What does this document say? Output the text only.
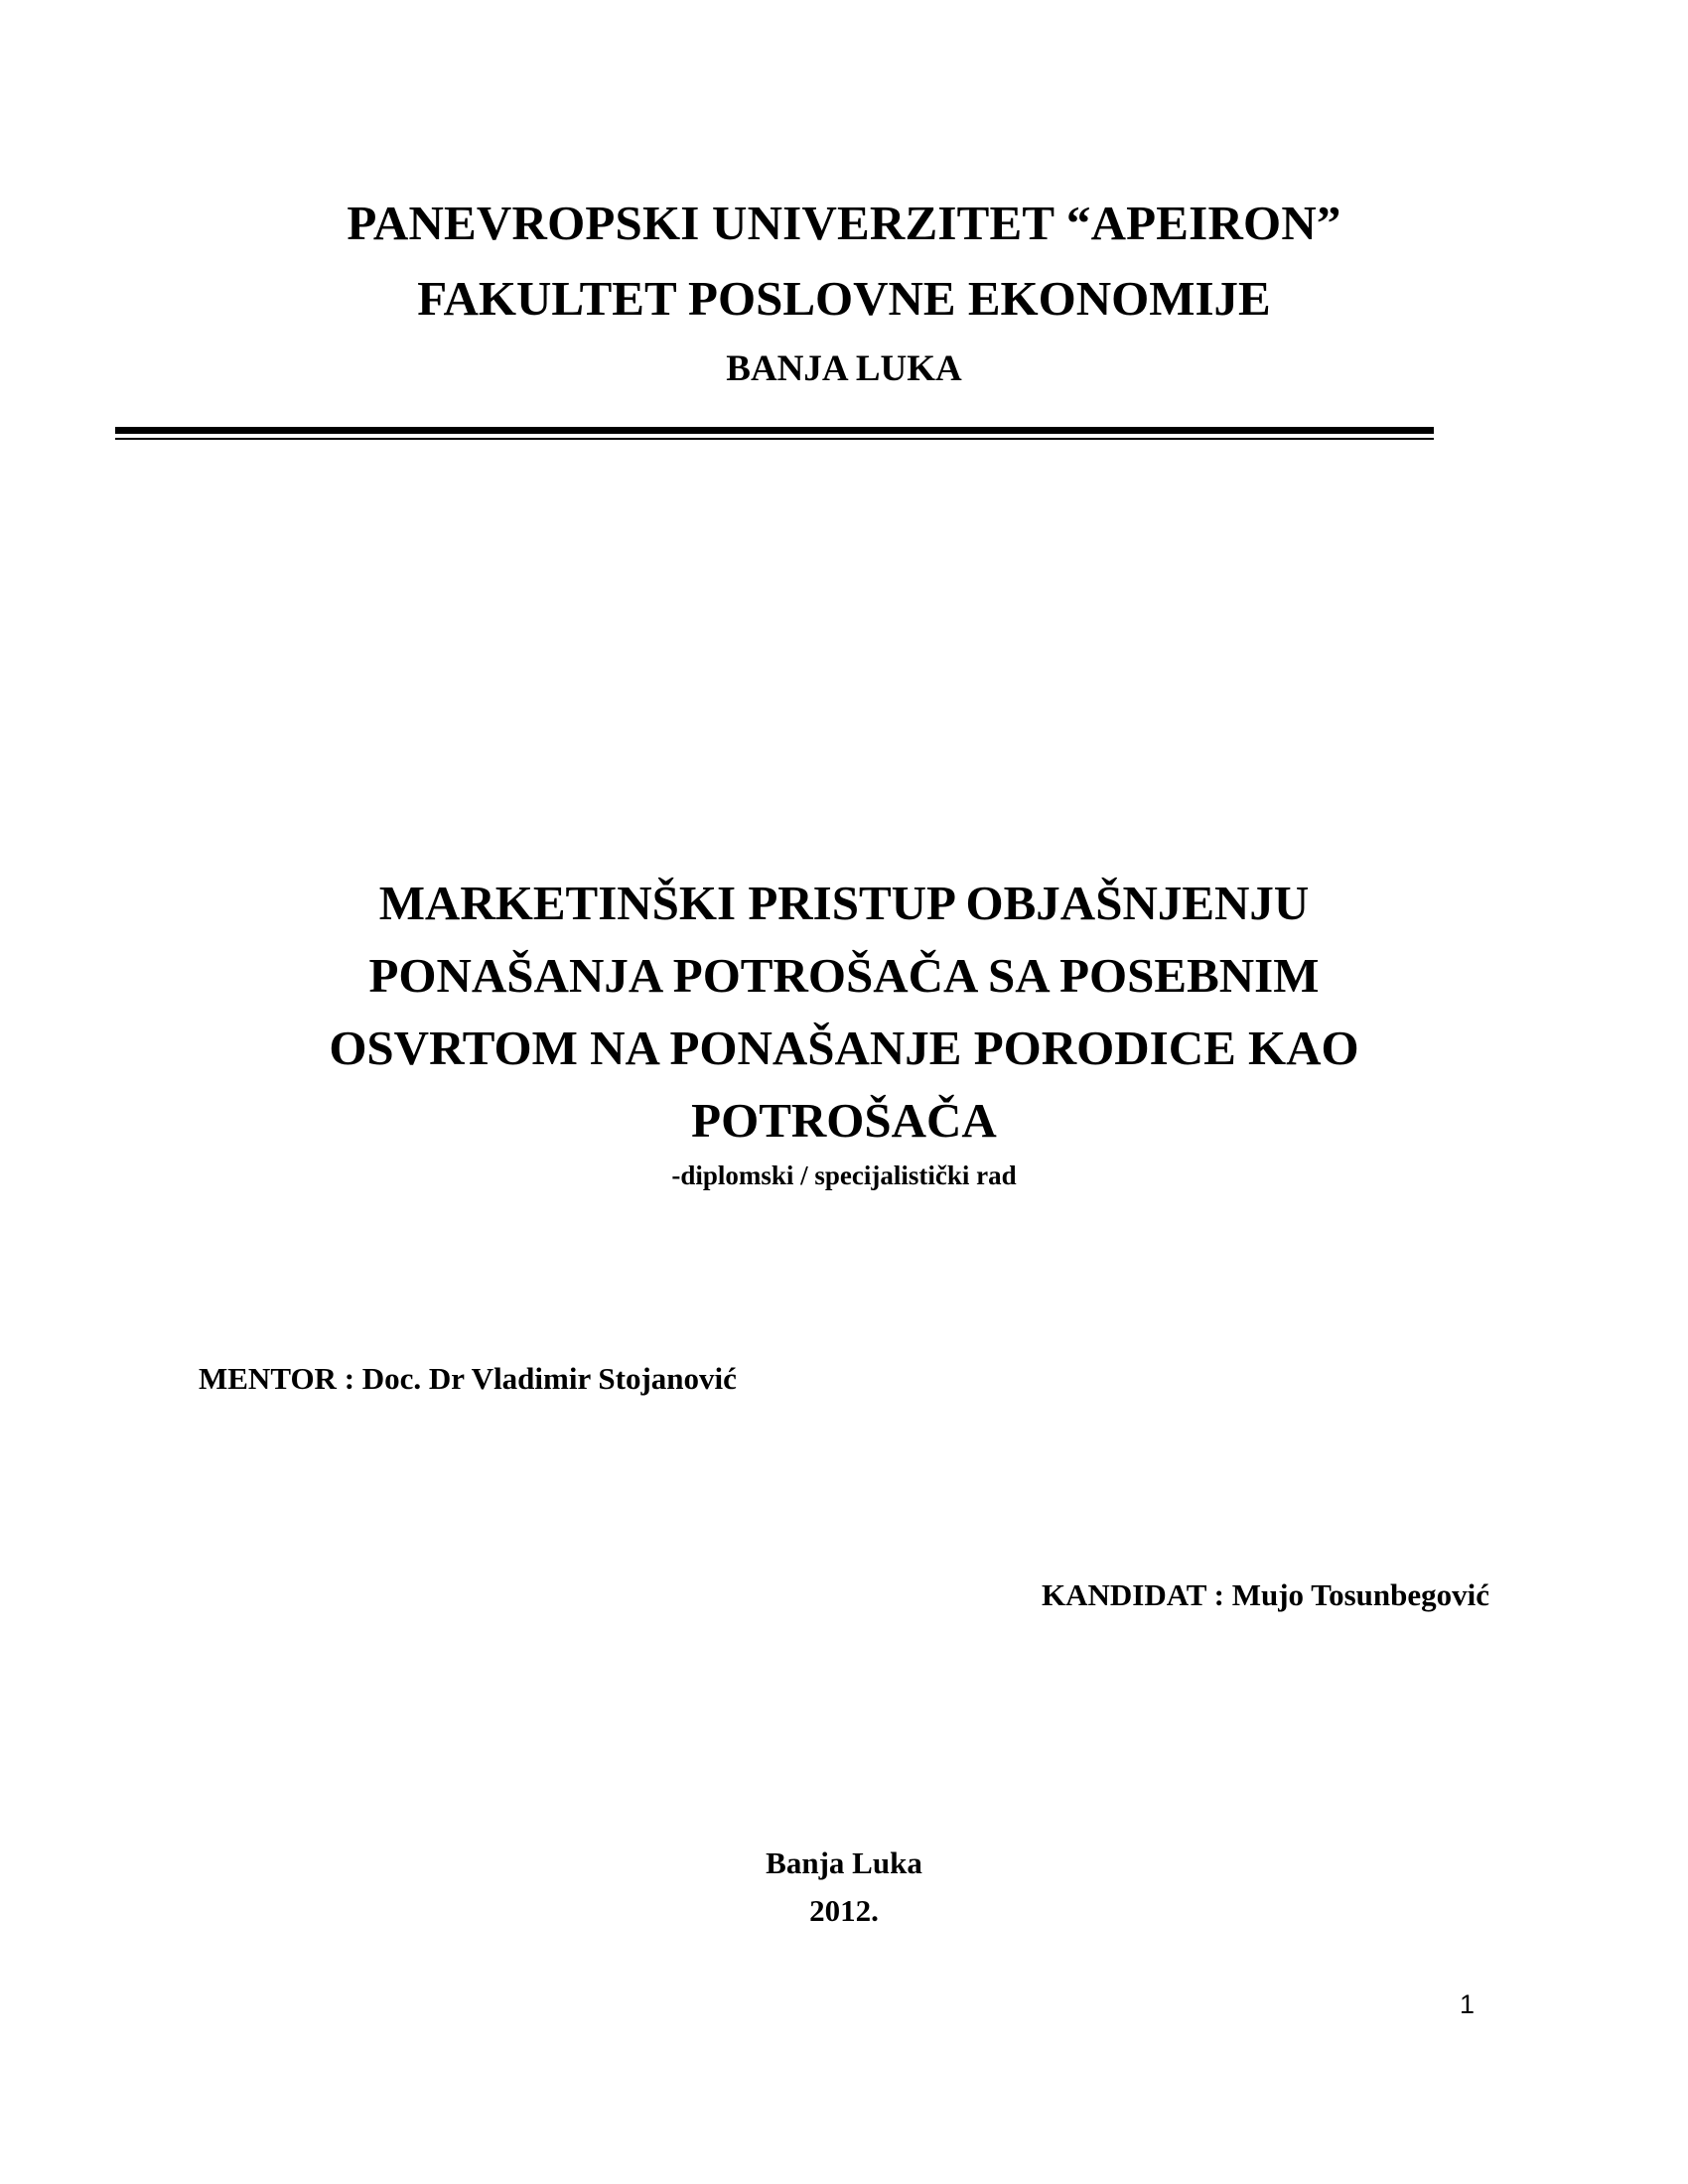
PANEVROPSKI UNIVERZITET “APEIRON”
FAKULTET POSLOVNE EKONOMIJE
BANJA LUKA
MARKETINŠKI PRISTUP OBJAŠNJENJU
PONAŠANJA POTROŠAČA SA POSEBNIM
OSVRTOM NA PONAŠANJE PORODICE KAO
POTROŠAČA
-diplomski / specijalistički rad
MENTOR : Doc. Dr Vladimir Stojanović
KANDIDAT : Mujo Tosunbegović
Banja Luka
2012.
1
